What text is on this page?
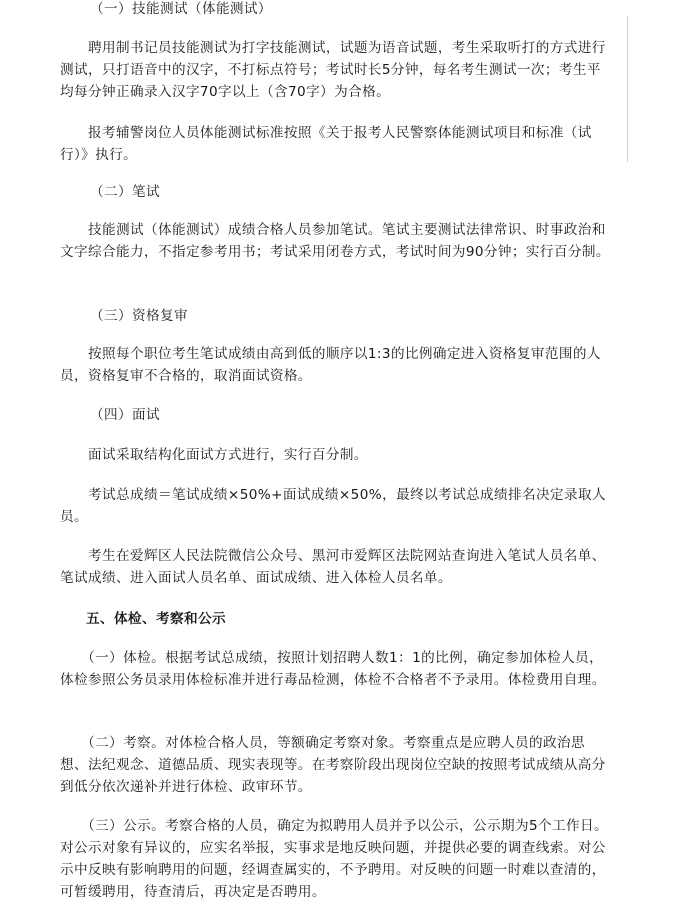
（一）技能测试（体能测试）

　　聘用制书记员技能测试为打字技能测试，试题为语音试题，考生采取听打的方式进行测试，只打语音中的汉字，不打标点符号；考试时长5分钟，每名考生测试一次；考生平均每分钟正确录入汉字70字以上（含70字）为合格。

　　报考辅警岗位人员体能测试标准按照《关于报考人民警察体能测试项目和标准（试行）》执行。

（二）笔试

　　技能测试（体能测试）成绩合格人员参加笔试。笔试主要测试法律常识、时事政治和文字综合能力，不指定参考用书；考试采用闭卷方式，考试时间为90分钟；实行百分制。

（三）资格复审

　　按照每个职位考生笔试成绩由高到低的顺序以1:3的比例确定进入资格复审范围的人员，资格复审不合格的，取消面试资格。

（四）面试

　　面试采取结构化面试方式进行，实行百分制。

　　考试总成绩＝笔试成绩×50%+面试成绩×50%，最终以考试总成绩排名决定录取人员。

　　考生在爱辉区人民法院微信公众号、黑河市爱辉区法院网站查询进入笔试人员名单、笔试成绩、进入面试人员名单、面试成绩、进入体检人员名单。

五、体检、考察和公示

　　（一）体检。根据考试总成绩，按照计划招聘人数1：1的比例，确定参加体检人员，体检参照公务员录用体检标准并进行毒品检测，体检不合格者不予录用。体检费用自理。

　　（二）考察。对体检合格人员，等额确定考察对象。考察重点是应聘人员的政治思想、法纪观念、道德品质、现实表现等。在考察阶段出现岗位空缺的按照考试成绩从高分到低分依次递补并进行体检、政审环节。

　　（三）公示。考察合格的人员，确定为拟聘用人员并予以公示，公示期为5个工作日。对公示对象有异议的，应实名举报，实事求是地反映问题，并提供必要的调查线索。对公示中反映有影响聘用的问题，经调查属实的，不予聘用。对反映的问题一时难以查清的，可暂缓聘用，待查清后，再决定是否聘用。
